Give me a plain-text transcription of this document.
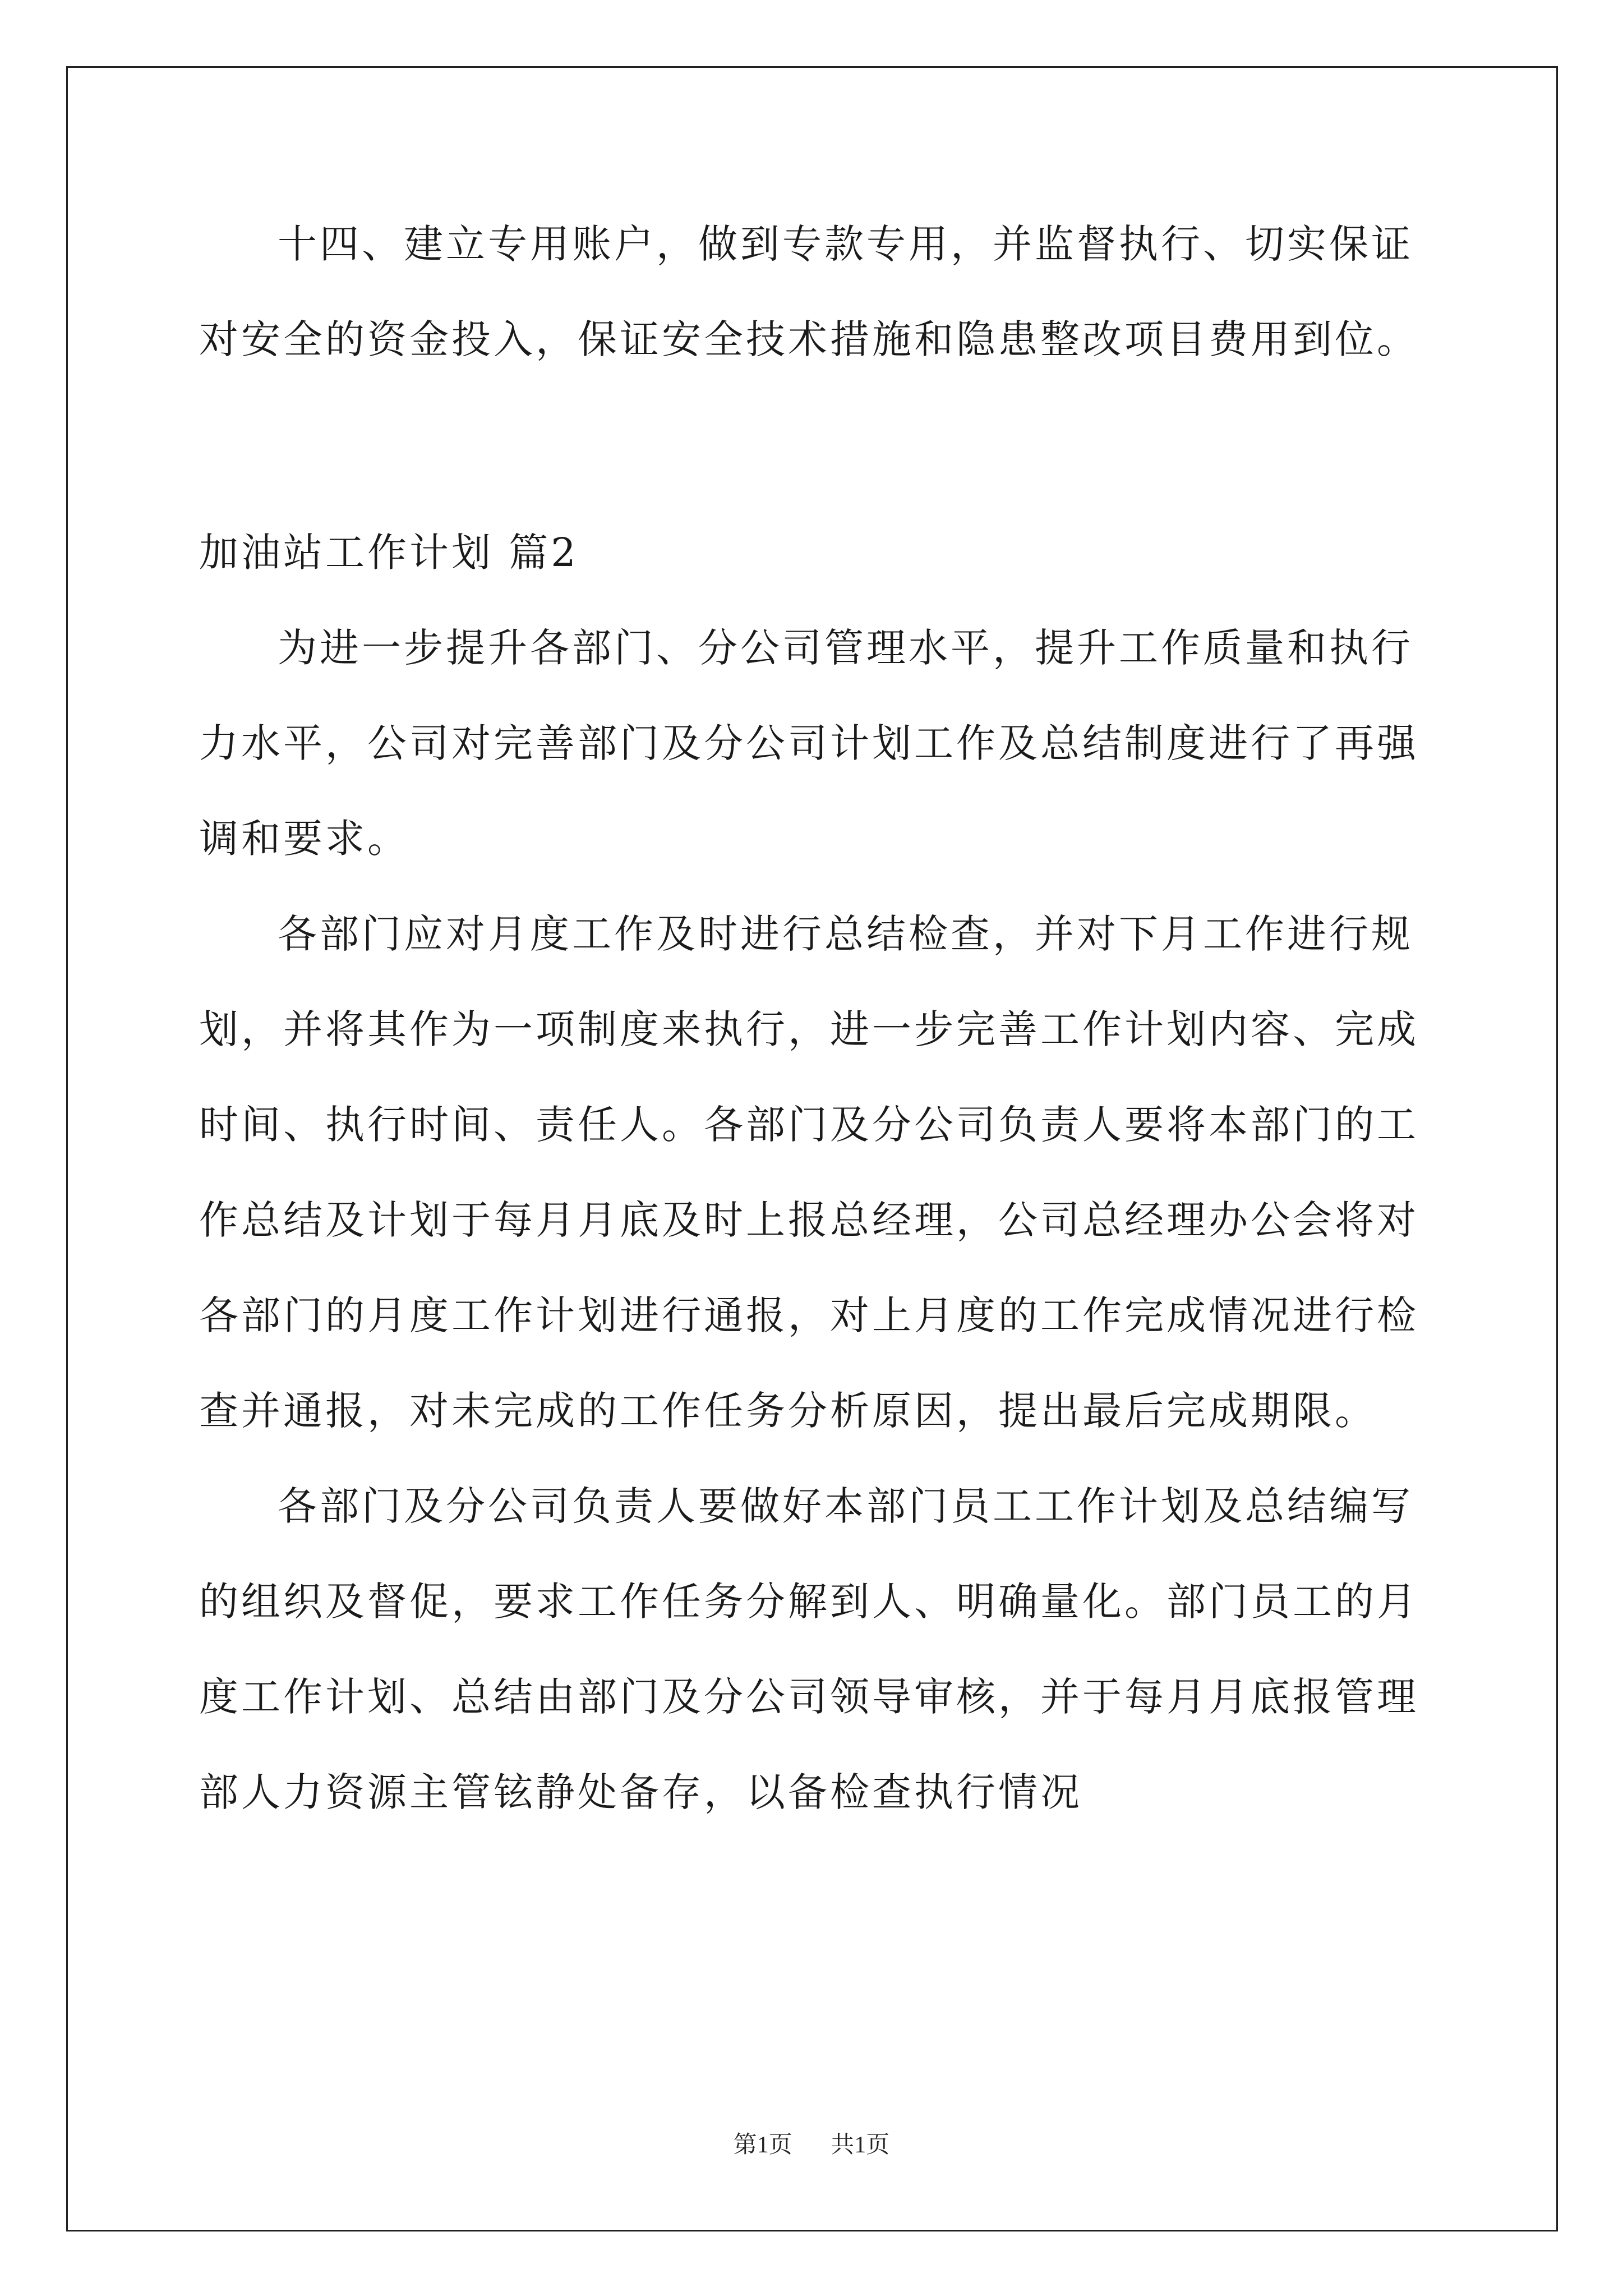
十四、建立专用账户，做到专款专用，并监督执行、切实保证对安全的资金投入，保证安全技术措施和隐患整改项目费用到位。

加油站工作计划 篇2

为进一步提升各部门、分公司管理水平，提升工作质量和执行力水平，公司对完善部门及分公司计划工作及总结制度进行了再强调和要求。

各部门应对月度工作及时进行总结检查，并对下月工作进行规划，并将其作为一项制度来执行，进一步完善工作计划内容、完成时间、执行时间、责任人。各部门及分公司负责人要将本部门的工作总结及计划于每月月底及时上报总经理，公司总经理办公会将对各部门的月度工作计划进行通报，对上月度的工作完成情况进行检查并通报，对未完成的工作任务分析原因，提出最后完成期限。

各部门及分公司负责人要做好本部门员工工作计划及总结编写的组织及督促，要求工作任务分解到人、明确量化。部门员工的月度工作计划、总结由部门及分公司领导审核，并于每月月底报管理部人力资源主管铉静处备存，以备检查执行情况

第1页 共1页
